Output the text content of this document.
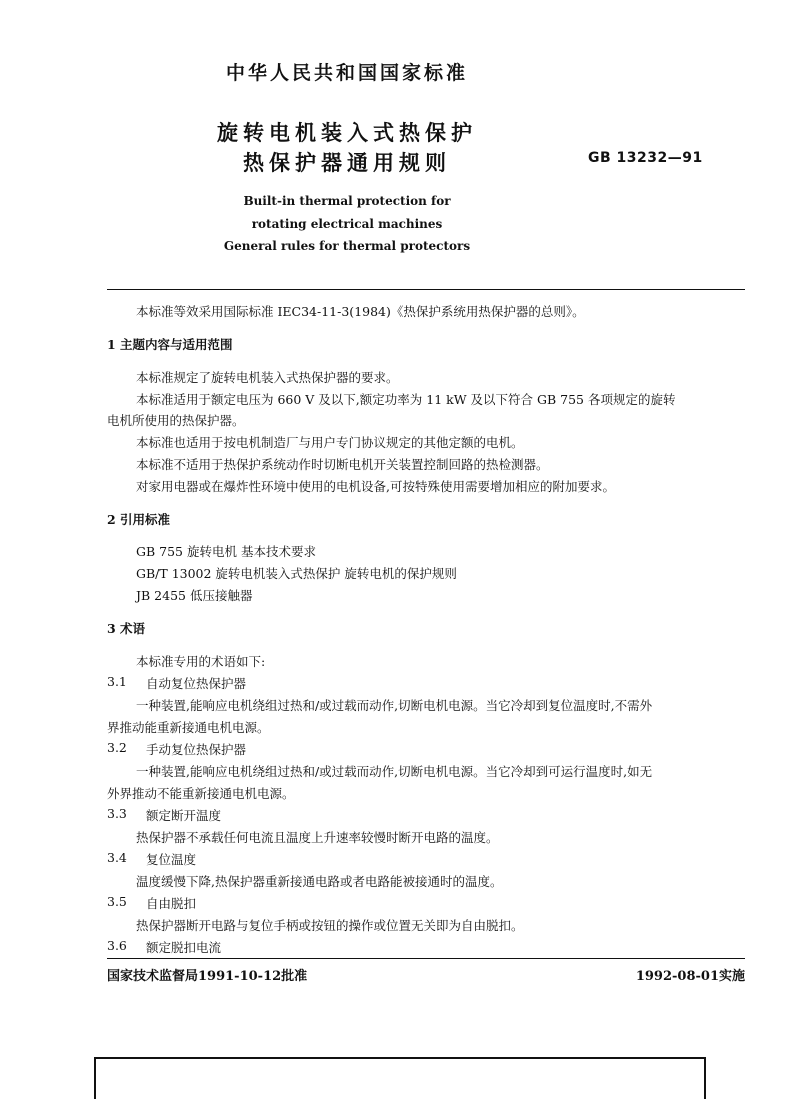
中华人民共和国国家标准
旋转电机装入式热保护
热保护器通用规则	GB 13232—91
Built-in thermal protection for
rotating electrical machines
General rules for thermal protectors
本标准等效采用国际标准 IEC34-11-3(1984)《热保护系统用热保护器的总则》。
1 主题内容与适用范围
本标准规定了旋转电机装入式热保护器的要求。
本标准适用于额定电压为 660 V 及以下,额定功率为 11 kW 及以下符合 GB 755 各项规定的旋转
电机所使用的热保护器。
本标准也适用于按电机制造厂与用户专门协议规定的其他定额的电机。
本标准不适用于热保护系统动作时切断电机开关装置控制回路的热检测器。
对家用电器或在爆炸性环境中使用的电机设备,可按特殊使用需要增加相应的附加要求。
2 引用标准
GB 755 旋转电机 基本技术要求
GB/T 13002 旋转电机装入式热保护 旋转电机的保护规则
JB 2455 低压接触器
3 术语
本标准专用的术语如下:
3.1 自动复位热保护器
一种装置,能响应电机绕组过热和/或过载而动作,切断电机电源。当它冷却到复位温度时,不需外
界推动能重新接通电机电源。
3.2 手动复位热保护器
一种装置,能响应电机绕组过热和/或过载而动作,切断电机电源。当它冷却到可运行温度时,如无
外界推动不能重新接通电机电源。
3.3 额定断开温度
热保护器不承载任何电流且温度上升速率较慢时断开电路的温度。
3.4 复位温度
温度缓慢下降,热保护器重新接通电路或者电路能被接通时的温度。
3.5 自由脱扣
热保护器断开电路与复位手柄或按钮的操作或位置无关即为自由脱扣。
3.6 额定脱扣电流
国家技术监督局1991-10-12批准	1992-08-01实施
